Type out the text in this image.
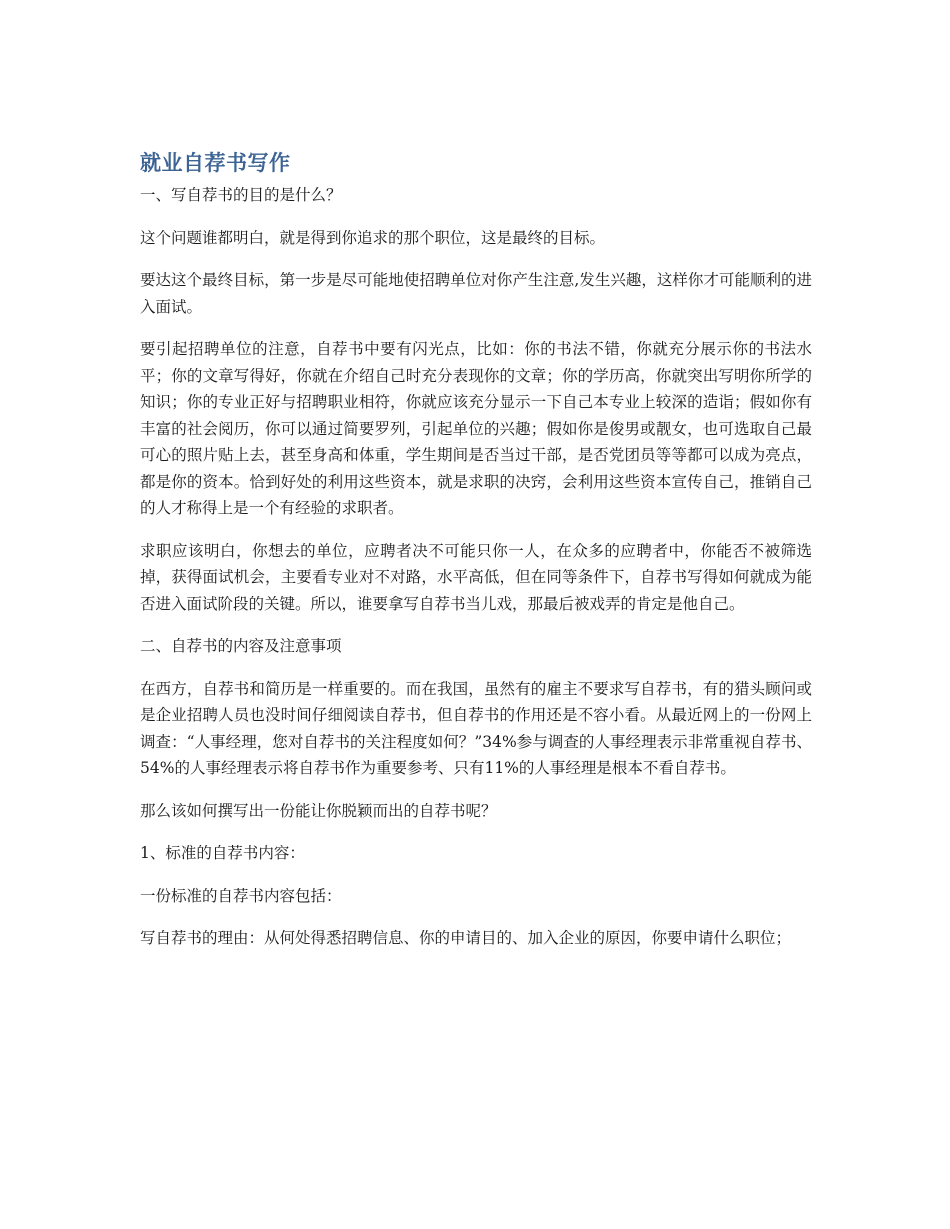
就业自荐书写作

一、写自荐书的目的是什么？

这个问题谁都明白，就是得到你追求的那个职位，这是最终的目标。

要达这个最终目标，第一步是尽可能地使招聘单位对你产生注意,发生兴趣，这样你才可能顺利的进入面试。

要引起招聘单位的注意，自荐书中要有闪光点，比如：你的书法不错，你就充分展示你的书法水平；你的文章写得好，你就在介绍自己时充分表现你的文章；你的学历高，你就突出写明你所学的知识；你的专业正好与招聘职业相符，你就应该充分显示一下自己本专业上较深的造诣；假如你有丰富的社会阅历，你可以通过简要罗列，引起单位的兴趣；假如你是俊男或靓女，也可选取自己最可心的照片贴上去，甚至身高和体重，学生期间是否当过干部，是否党团员等等都可以成为亮点，都是你的资本。恰到好处的利用这些资本，就是求职的决窍，会利用这些资本宣传自己，推销自己的人才称得上是一个有经验的求职者。

求职应该明白，你想去的单位，应聘者决不可能只你一人，在众多的应聘者中，你能否不被筛选掉，获得面试机会，主要看专业对不对路，水平高低，但在同等条件下，自荐书写得如何就成为能否进入面试阶段的关键。所以，谁要拿写自荐书当儿戏，那最后被戏弄的肯定是他自己。

二、自荐书的内容及注意事项

在西方，自荐书和简历是一样重要的。而在我国，虽然有的雇主不要求写自荐书，有的猎头顾问或是企业招聘人员也没时间仔细阅读自荐书，但自荐书的作用还是不容小看。从最近网上的一份网上调查：“人事经理，您对自荐书的关注程度如何？”34%参与调查的人事经理表示非常重视自荐书、54%的人事经理表示将自荐书作为重要参考、只有11%的人事经理是根本不看自荐书。

那么该如何撰写出一份能让你脱颖而出的自荐书呢？

1、标准的自荐书内容：

一份标准的自荐书内容包括：

写自荐书的理由：从何处得悉招聘信息、你的申请目的、加入企业的原因，你要申请什么职位；
